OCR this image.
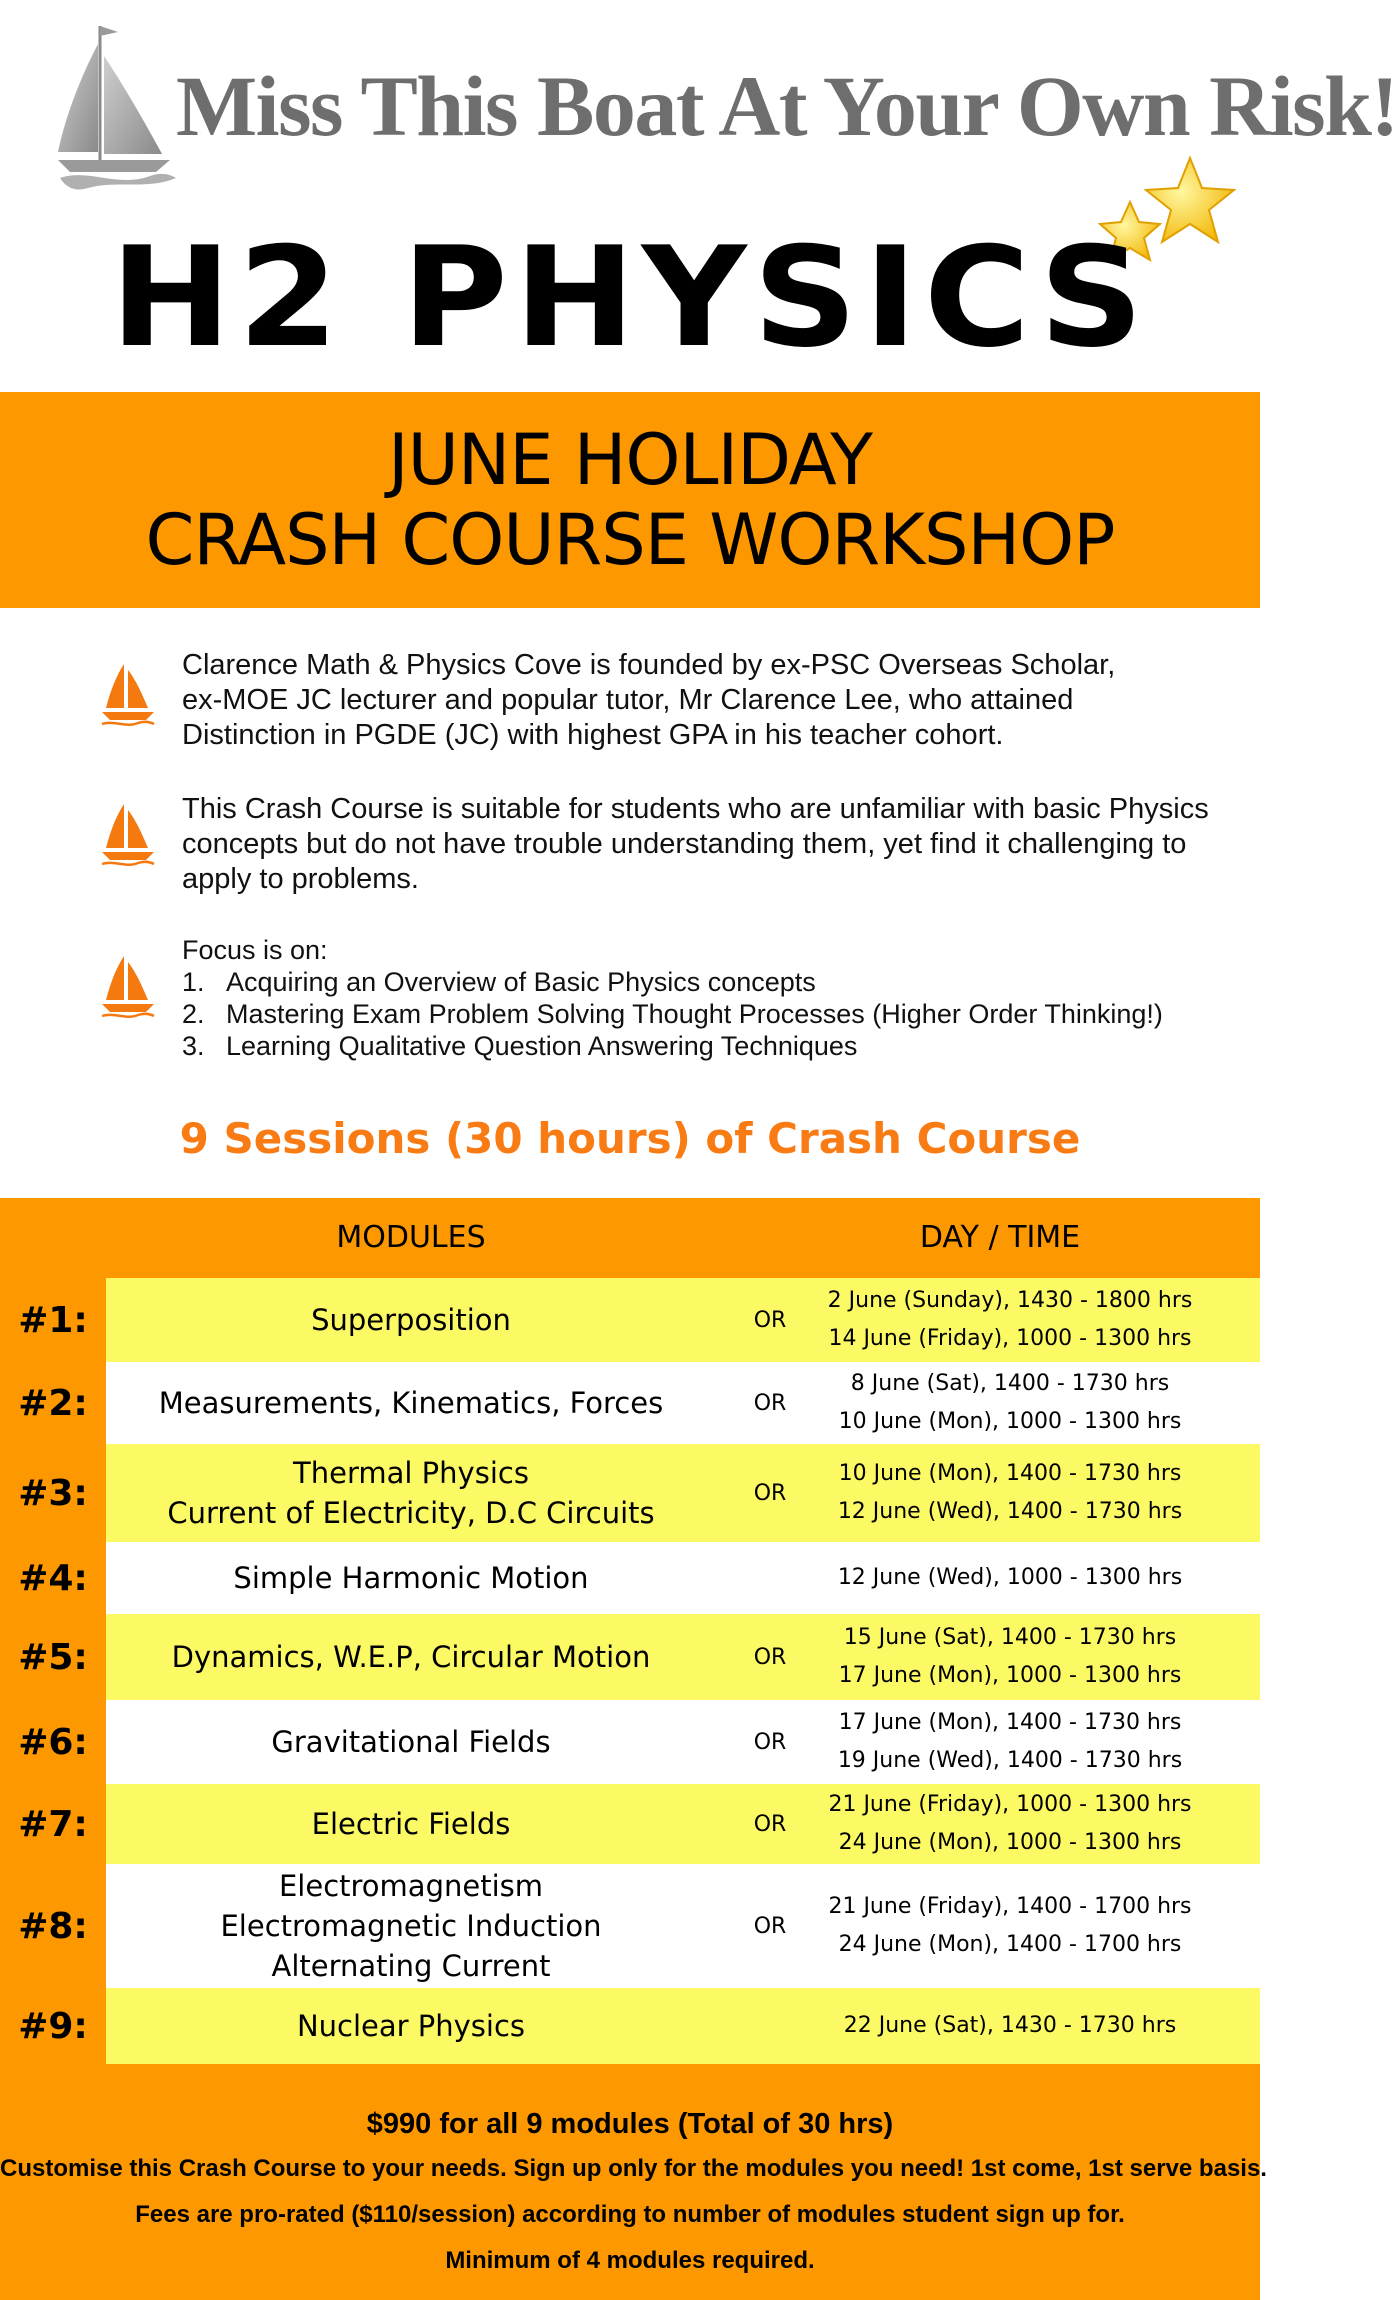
Miss This Boat At Your Own Risk!
H2 PHYSICS
JUNE HOLIDAY
CRASH COURSE WORKSHOP
Clarence Math & Physics Cove is founded by ex-PSC Overseas Scholar,
ex-MOE JC lecturer and popular tutor, Mr Clarence Lee, who attained
Distinction in PGDE (JC) with highest GPA in his teacher cohort.
This Crash Course is suitable for students who are unfamiliar with basic Physics
concepts but do not have trouble understanding them, yet find it challenging to
apply to problems.
Focus is on:
1. Acquiring an Overview of Basic Physics concepts
2. Mastering Exam Problem Solving Thought Processes (Higher Order Thinking!)
3. Learning Qualitative Question Answering Techniques
9 Sessions (30 hours) of Crash Course
MODULES	DAY / TIME
#1:	Superposition	OR
2 June (Sunday), 1430 - 1800 hrs
14 June (Friday), 1000 - 1300 hrs
#2:	Measurements, Kinematics, Forces	OR
8 June (Sat), 1400 - 1730 hrs
10 June (Mon), 1000 - 1300 hrs
#3:	Thermal Physics
Current of Electricity, D.C Circuits
OR
10 June (Mon), 1400 - 1730 hrs
12 June (Wed), 1400 - 1730 hrs
#4:	Simple Harmonic Motion	12 June (Wed), 1000 - 1300 hrs
#5:	Dynamics, W.E.P, Circular Motion	OR
15 June (Sat), 1400 - 1730 hrs
17 June (Mon), 1000 - 1300 hrs
#6:	Gravitational Fields	OR
17 June (Mon), 1400 - 1730 hrs
19 June (Wed), 1400 - 1730 hrs
#7:	Electric Fields	OR
21 June (Friday), 1000 - 1300 hrs
24 June (Mon), 1000 - 1300 hrs
#8:
Electromagnetism
Electromagnetic Induction
Alternating Current
OR
21 June (Friday), 1400 - 1700 hrs
24 June (Mon), 1400 - 1700 hrs
#9:	Nuclear Physics	22 June (Sat), 1430 - 1730 hrs
$990 for all 9 modules (Total of 30 hrs)
Customise this Crash Course to your needs. Sign up only for the modules you need! 1st come, 1st serve basis.
Fees are pro-rated ($110/session) according to number of modules student sign up for.
Minimum of 4 modules required.
